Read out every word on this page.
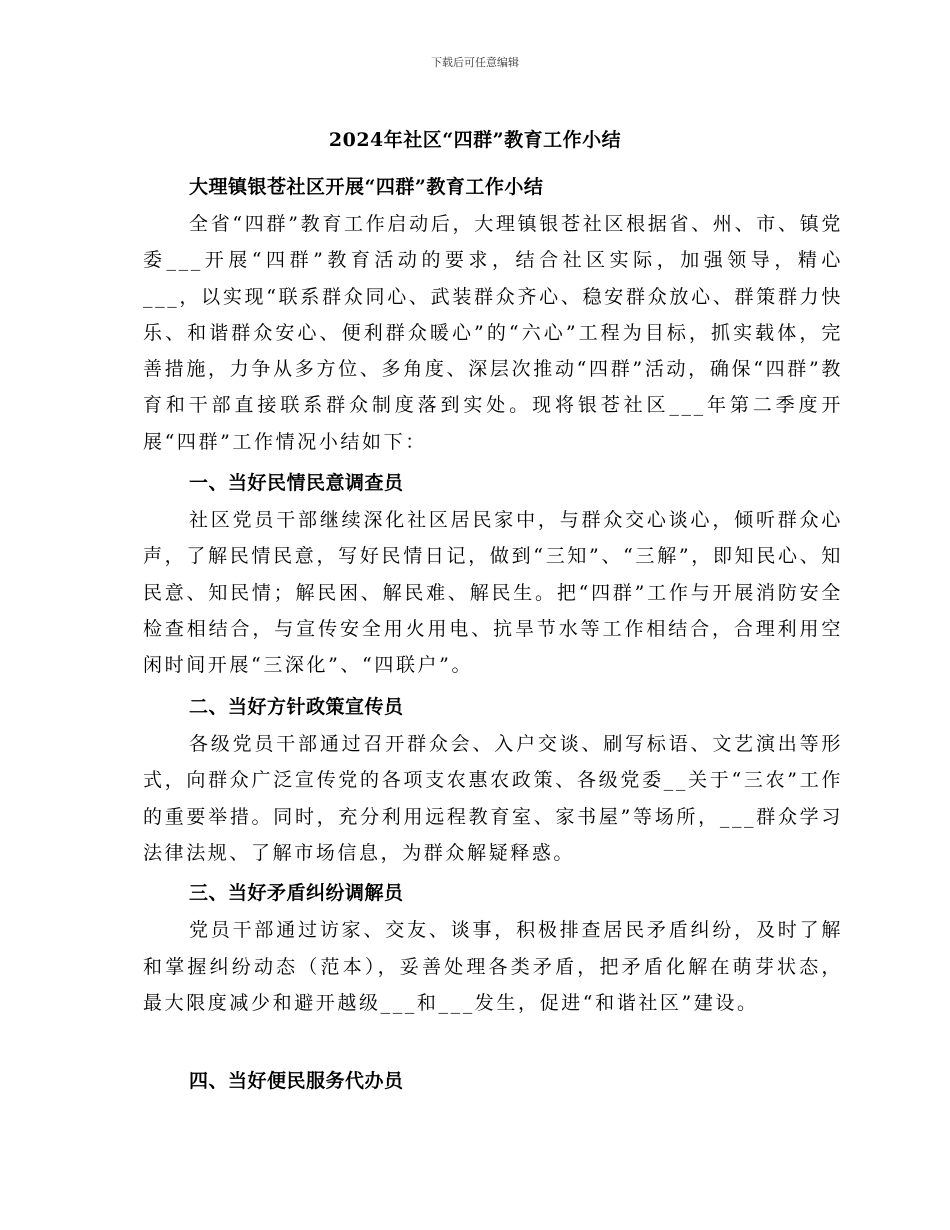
下载后可任意编辑
2024年社区“四群”教育工作小结
大理镇银苍社区开展“四群”教育工作小结

全省“四群”教育工作启动后，大理镇银苍社区根据省、州、市、镇党委___开展“四群”教育活动的要求，结合社区实际，加强领导，精心___，以实现“联系群众同心、武装群众齐心、稳安群众放心、群策群力快乐、和谐群众安心、便利群众暖心”的“六心”工程为目标，抓实载体，完善措施，力争从多方位、多角度、深层次推动“四群”活动，确保“四群”教育和干部直接联系群众制度落到实处。现将银苍社区___年第二季度开展“四群”工作情况小结如下：

一、当好民情民意调查员

社区党员干部继续深化社区居民家中，与群众交心谈心，倾听群众心声，了解民情民意，写好民情日记，做到“三知”、“三解”，即知民心、知民意、知民情；解民困、解民难、解民生。把“四群”工作与开展消防安全检查相结合，与宣传安全用火用电、抗旱节水等工作相结合，合理利用空闲时间开展“三深化”、“四联户”。

二、当好方针政策宣传员

各级党员干部通过召开群众会、入户交谈、刷写标语、文艺演出等形式，向群众广泛宣传党的各项支农惠农政策、各级党委__关于“三农”工作的重要举措。同时，充分利用远程教育室、家书屋”等场所，___群众学习法律法规、了解市场信息，为群众解疑释惑。

三、当好矛盾纠纷调解员

党员干部通过访家、交友、谈事，积极排查居民矛盾纠纷，及时了解和掌握纠纷动态（范本），妥善处理各类矛盾，把矛盾化解在萌芽状态，最大限度减少和避开越级___和___发生，促进“和谐社区”建设。

四、当好便民服务代办员
